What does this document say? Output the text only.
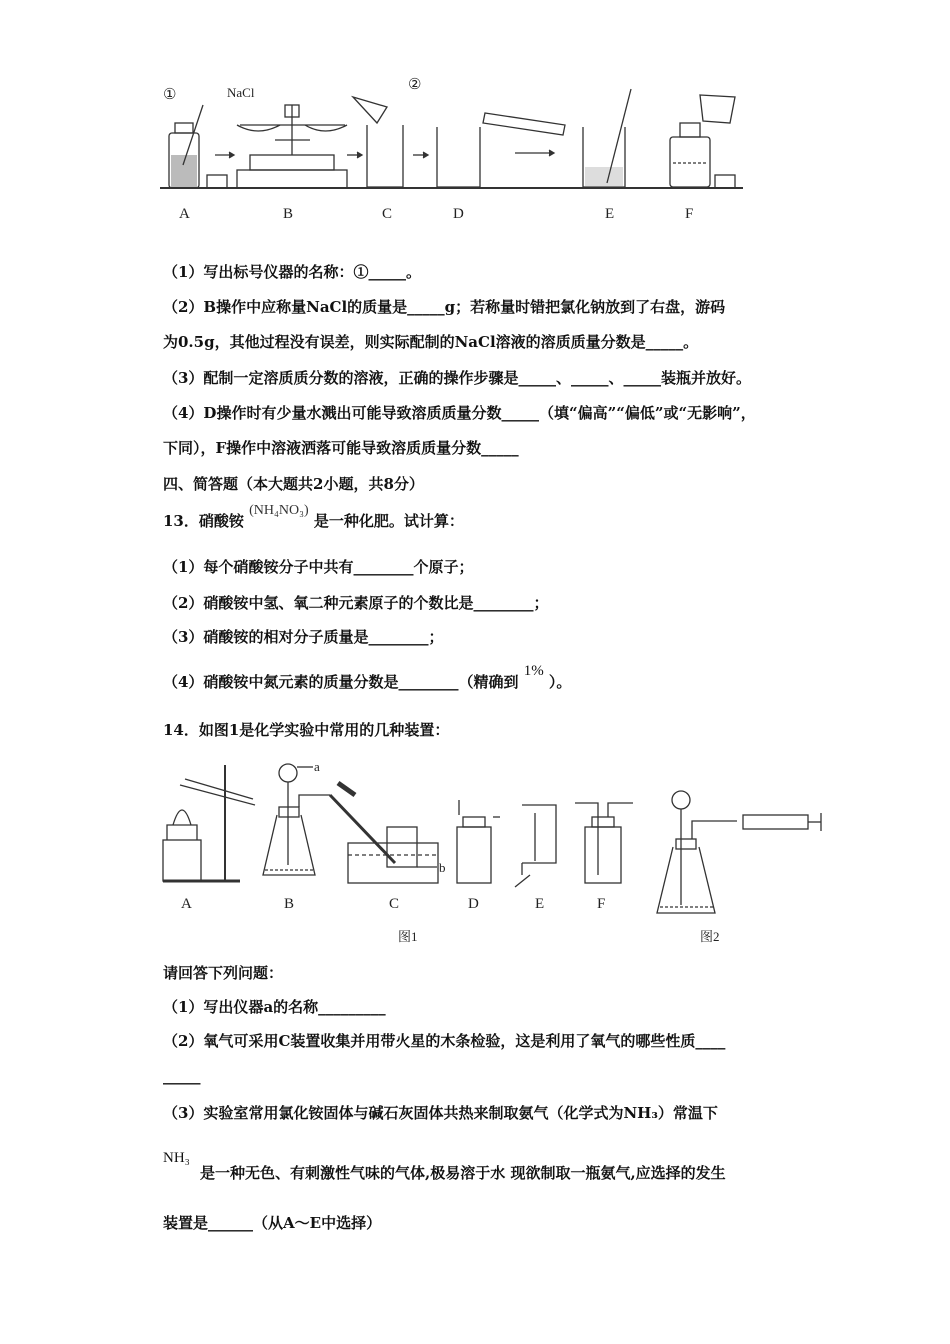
①	NaCl	②
A	B	C	D	E	F
（1）写出标号仪器的名称：①_____。
（2）B操作中应称量NaCl的质量是_____g；若称量时错把氯化钠放到了右盘，游码
为0.5g，其他过程没有误差，则实际配制的NaCl溶液的溶质质量分数是_____。
（3）配制一定溶质质分数的溶液，正确的操作步骤是_____、_____、_____装瓶并放好。
（4）D操作时有少量水溅出可能导致溶质质量分数_____（填“偏高”“偏低”或“无影响”，
下同），F操作中溶液洒落可能导致溶质质量分数_____
四、简答题（本大题共2小题，共8分）
13．硝酸铵 (NH₄NO₃) 是一种化肥。试计算：
（1）每个硝酸铵分子中共有________个原子；
（2）硝酸铵中氢、氧二种元素原子的个数比是________；
（3）硝酸铵的相对分子质量是________；
（4）硝酸铵中氮元素的质量分数是________（精确到 1% ）。
14．如图1是化学实验中常用的几种装置：
a
b
A	B	C	D	E	F
图1	图2
请回答下列问题：
（1）写出仪器a的名称_________
（2）氧气可采用C装置收集并用带火星的木条检验，这是利用了氧气的哪些性质____
_____
（3）实验室常用氯化铵固体与碱石灰固体共热来制取氨气（化学式为NH₃）常温下
NH₃
是一种无色、有刺激性气味的气体,极易溶于水 现欲制取一瓶氨气,应选择的发生
装置是______（从A～E中选择）
